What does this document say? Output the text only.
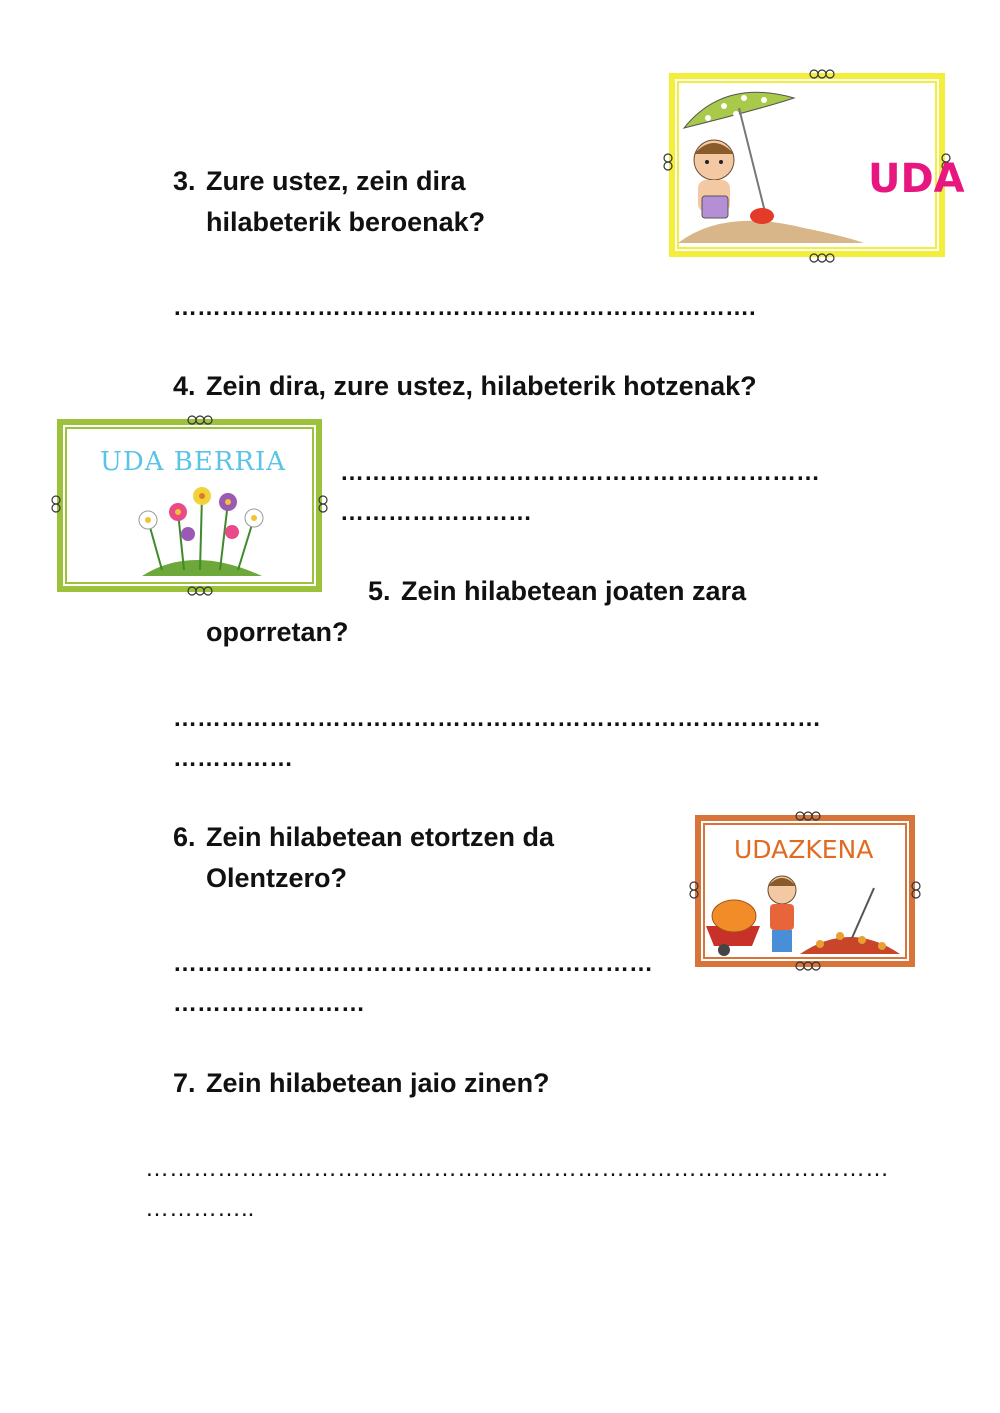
3. Zure ustez, zein dira
hilabeterik beroenak?
……………………………………………………………….
4. Zein dira, zure ustez, hilabeterik hotzenak?
……………………………………………………
……………………
5. Zein hilabetean joaten zara
oporretan?
………………………………………………………………………
……………
6. Zein hilabetean etortzen da
Olentzero?
……………………………………………………
……………………
7. Zein hilabetean jaio zinen?
…………………………………………………………………………………
…………..
UDA
UDA BERRIA
UDAZKENA
